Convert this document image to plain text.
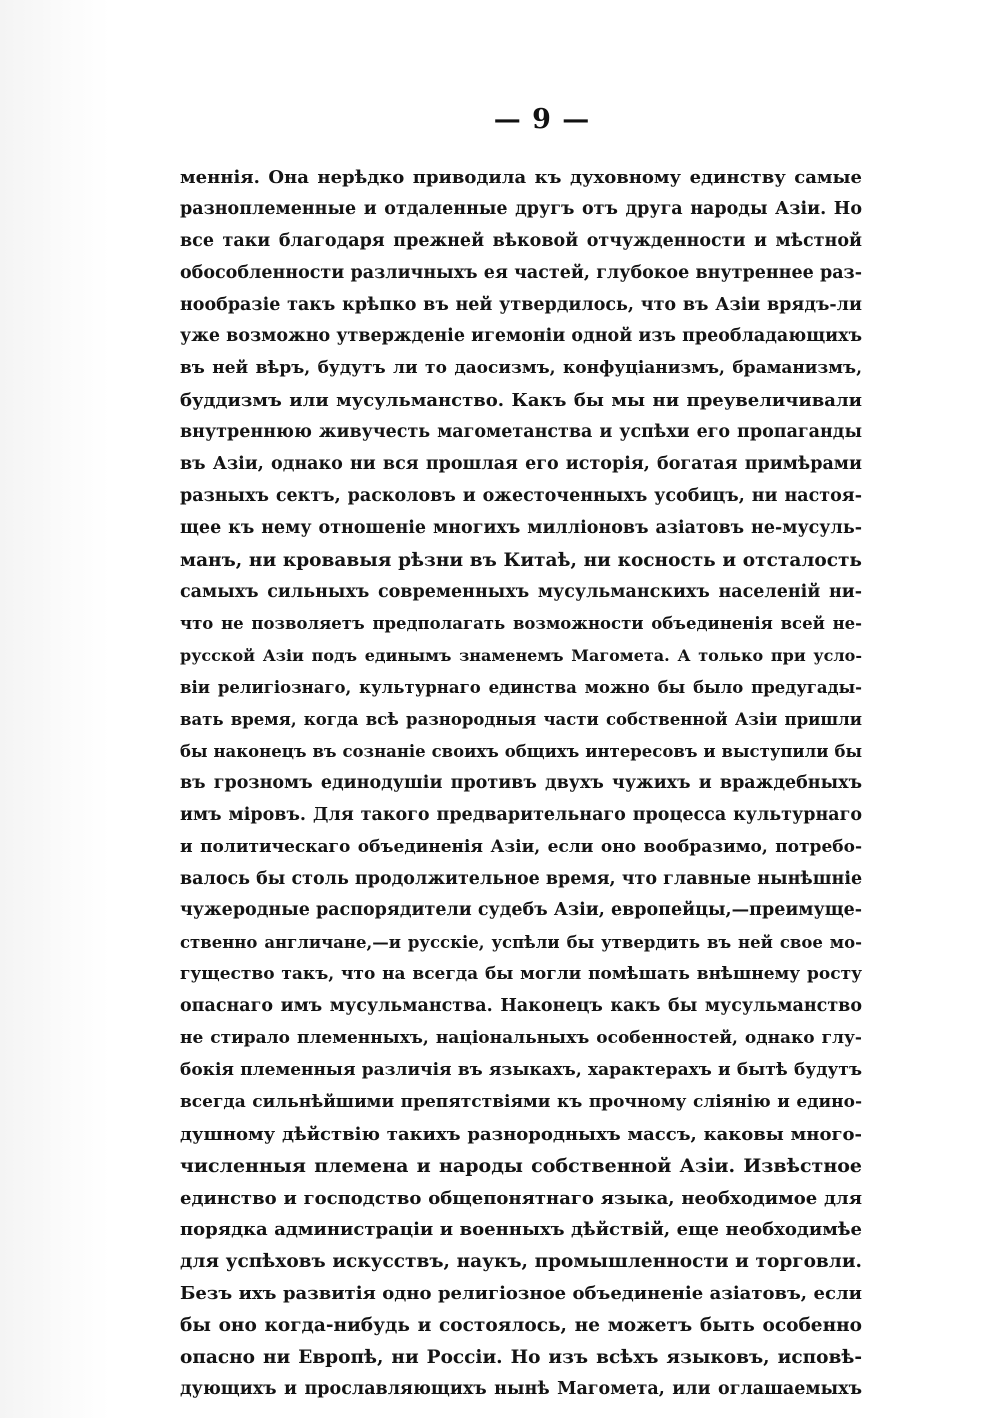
— 9 —
меннiя. Она нерѣдко приводила къ духовному единству самые
разноплеменные и отдаленные другъ отъ друга народы Азiи. Но
все таки благодаря прежней вѣковой отчужденности и мѣстной
обособленности различныхъ ея частей, глубокое внутреннее раз-
нообразiе такъ крѣпко въ ней утвердилось, что въ Азiи врядъ-ли
уже возможно утвержденiе игемонiи одной изъ преобладающихъ
въ ней вѣръ, будутъ ли то даосизмъ, конфуцiанизмъ, браманизмъ,
буддизмъ или мусульманство. Какъ бы мы ни преувеличивали
внутреннюю живучесть магометанства и успѣхи его пропаганды
въ Азiи, однако ни вся прошлая его исторiя, богатая примѣрами
разныхъ сектъ, расколовъ и ожесточенныхъ усобицъ, ни настоя-
щее къ нему отношенiе многихъ миллiоновъ азiатовъ не-мусуль-
манъ, ни кровавыя рѣзни въ Китаѣ, ни косность и отсталость
самыхъ сильныхъ современныхъ мусульманскихъ населенiй ни-
что не позволяетъ предполагать возможности объединенiя всей не-
русской Азiи подъ единымъ знаменемъ Магомета. А только при усло-
вiи религiознаго, культурнаго единства можно бы было предугады-
вать время, когда всѣ разнородныя части собственной Азiи пришли
бы наконецъ въ сознанiе своихъ общихъ интересовъ и выступили бы
въ грозномъ единодушiи противъ двухъ чужихъ и враждебныхъ
имъ мiровъ. Для такого предварительнаго процесса культурнаго
и политическаго объединенiя Азiи, если оно вообразимо, потребо-
валось бы столь продолжительное время, что главные нынѣшнiе
чужеродные распорядители судебъ Азiи, европейцы,—преимуще-
ственно англичане,—и русскiе, успѣли бы утвердить въ ней свое мо-
гущество такъ, что на всегда бы могли помѣшать внѣшнему росту
опаснаго имъ мусульманства. Наконецъ какъ бы мусульманство
не стирало племенныхъ, нацiональныхъ особенностей, однако глу-
бокiя племенныя различiя въ языкахъ, характерахъ и бытѣ будутъ
всегда сильнѣйшими препятствiями къ прочному слiянiю и едино-
душному дѣйствiю такихъ разнородныхъ массъ, каковы много-
численныя племена и народы собственной Азiи. Извѣстное
единство и господство общепонятнаго языка, необходимое для
порядка администрацiи и военныхъ дѣйствiй, еще необходимѣе
для успѣховъ искусствъ, наукъ, промышленности и торговли.
Безъ ихъ развитiя одно религiозное объединенiе азiатовъ, если
бы оно когда-нибудь и состоялось, не можетъ быть особенно
опасно ни Европѣ, ни Россiи. Но изъ всѣхъ языковъ, исповѣ-
дующихъ и прославляющихъ нынѣ Магомета, или оглашаемыхъ
